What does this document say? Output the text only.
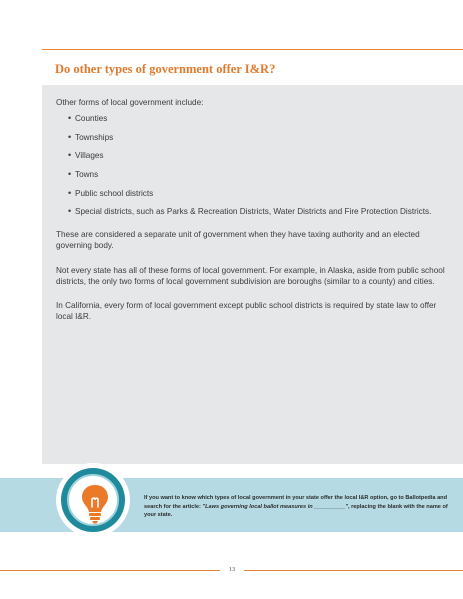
Do other types of government offer I&R?
Other forms of local government include:
• Counties
• Townships
• Villages
• Towns
• Public school districts
• Special districts, such as Parks & Recreation Districts, Water Districts and Fire Protection Districts.

These are considered a separate unit of government when they have taxing authority and an elected governing body.

Not every state has all of these forms of local government. For example, in Alaska, aside from public school districts, the only two forms of local government subdivision are boroughs (similar to a county) and cities.

In California, every form of local government except public school districts is required by state law to offer local I&R.

If you want to know which types of local government in your state offer the local I&R option, go to Ballotpedia and search for the article: "Laws governing local ballot measures in __________", replacing the blank with the name of your state.

13
